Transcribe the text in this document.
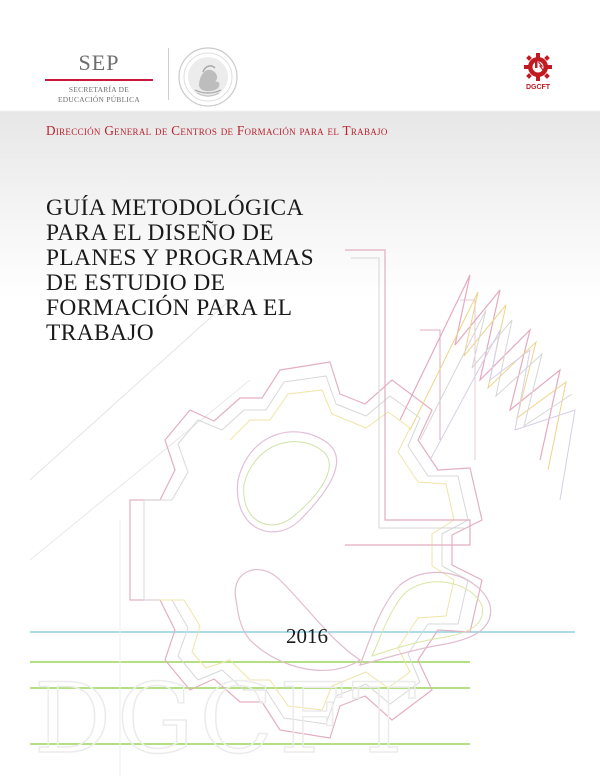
DGCFT
SEP
SECRETARÍA DE
EDUCACIÓN PÚBLICA
DGCFT
Dirección General de Centros de Formación para el Trabajo
GUÍA METODOLÓGICA
PARA EL DISEÑO DE
PLANES Y PROGRAMAS
DE ESTUDIO DE
FORMACIÓN PARA EL
TRABAJO
2016
